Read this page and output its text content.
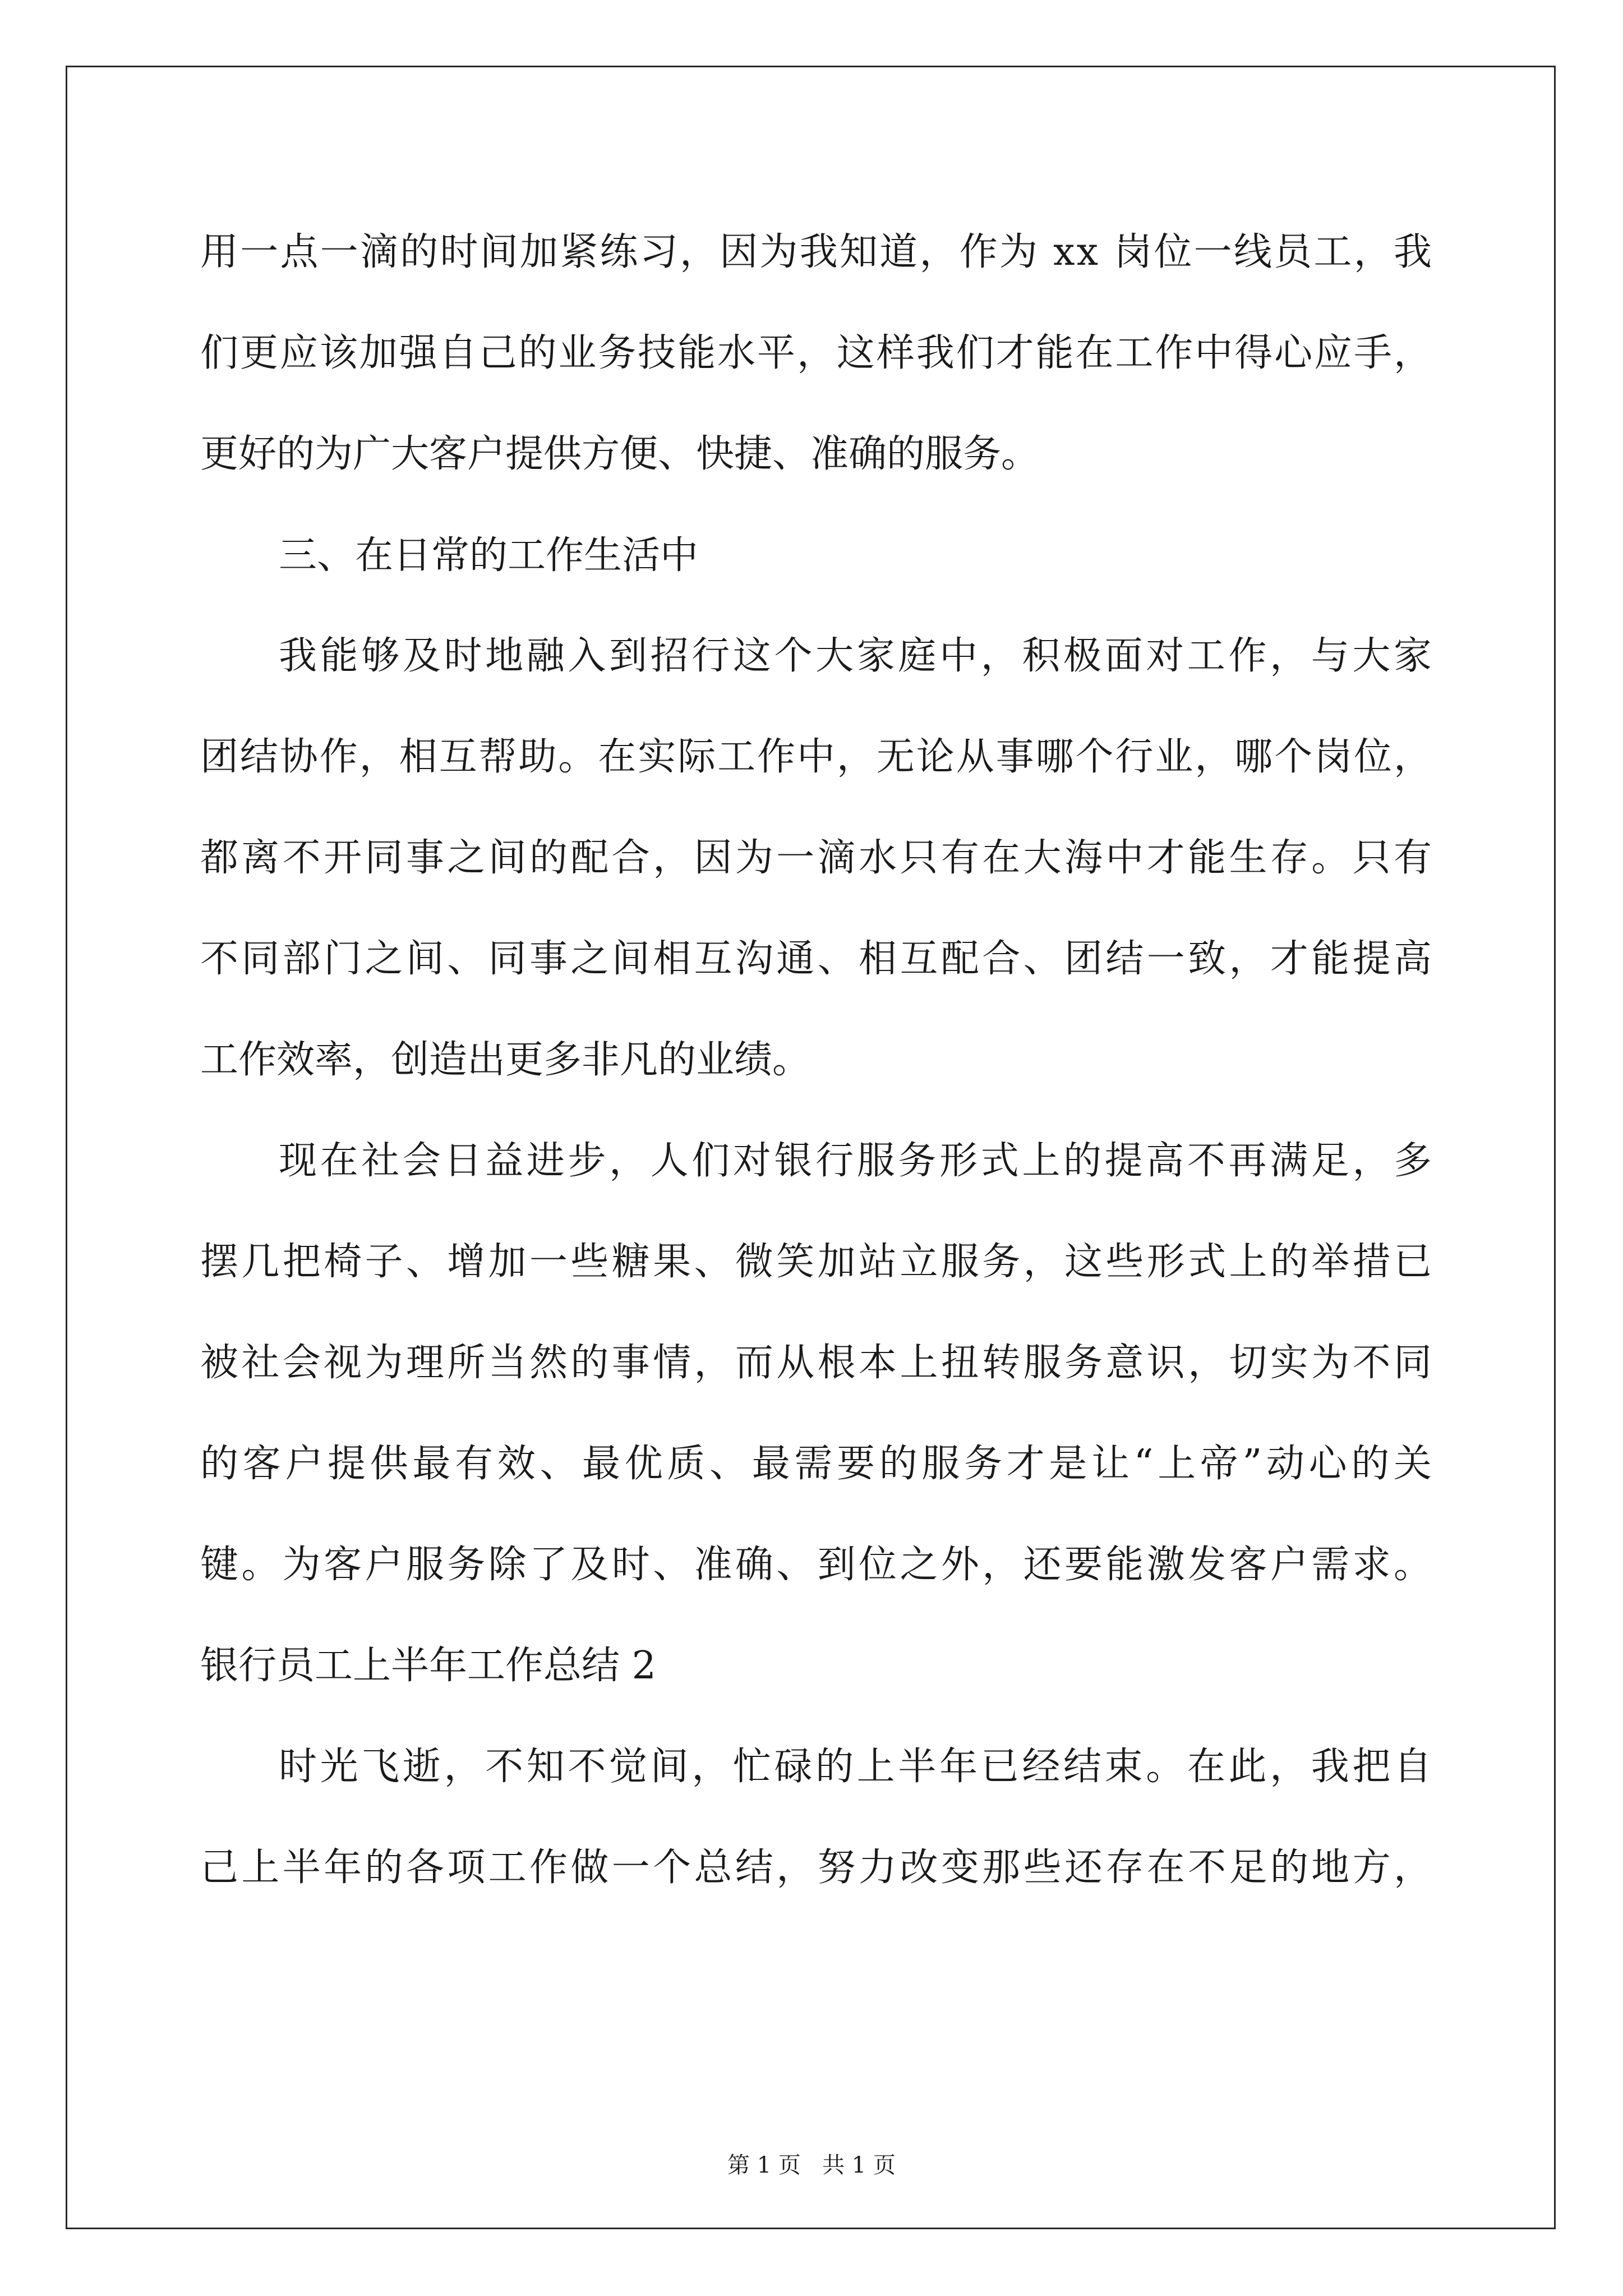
用一点一滴的时间加紧练习，因为我知道，作为 xx 岗位一线员工，我
们更应该加强自己的业务技能水平，这样我们才能在工作中得心应手，
更好的为广大客户提供方便、快捷、准确的服务。
三、在日常的工作生活中
我能够及时地融入到招行这个大家庭中，积极面对工作，与大家
团结协作，相互帮助。在实际工作中，无论从事哪个行业，哪个岗位，
都离不开同事之间的配合，因为一滴水只有在大海中才能生存。只有
不同部门之间、同事之间相互沟通、相互配合、团结一致，才能提高
工作效率，创造出更多非凡的业绩。
现在社会日益进步，人们对银行服务形式上的提高不再满足，多
摆几把椅子、增加一些糖果、微笑加站立服务，这些形式上的举措已
被社会视为理所当然的事情，而从根本上扭转服务意识，切实为不同
的客户提供最有效、最优质、最需要的服务才是让“上帝”动心的关
键。为客户服务除了及时、准确、到位之外，还要能激发客户需求。
银行员工上半年工作总结 2
时光飞逝，不知不觉间，忙碌的上半年已经结束。在此，我把自
己上半年的各项工作做一个总结，努力改变那些还存在不足的地方，
第 1 页   共 1 页
